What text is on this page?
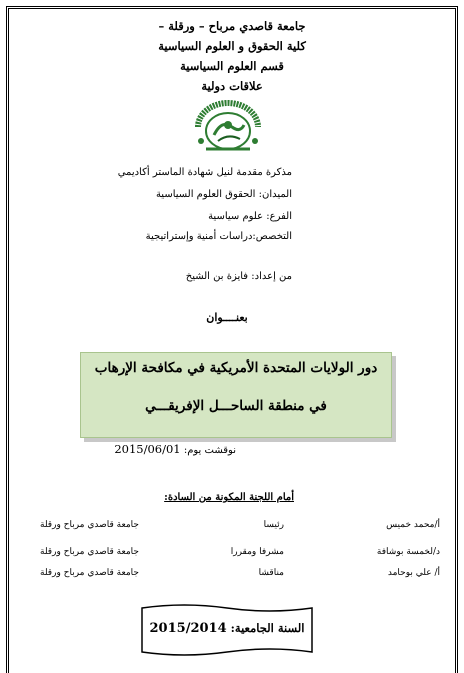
جامعة قاصدي مرباح – ورقلة –
كلية الحقوق و العلوم السياسية
قسم العلوم السياسية
علاقات دولية
مذكرة مقدمة لنيل شهادة الماستر أكاديمي
الميدان: الحقوق العلوم السياسية
الفرع: علوم سياسية
التخصص:دراسات أمنية وإستراتيجية
من إعداد: فايزة بن الشيخ
بعنــــوان
دور الولايات المتحدة الأمريكية في مكافحة الإرهاب
في منطقة الساحـــل الإفريقـــي
نوقشت يوم: 2015/06/01
أمام اللجنة المكونة من السادة:
أ/محمد خميس
رئيسا
جامعة قاصدي مرباح ورقلة
د/لخمسة بوشافة
مشرفا ومقررا
جامعة قاصدي مرباح ورقلة
أ/ علي بوحامد
مناقشا
جامعة قاصدي مرباح ورقلة
السنة الجامعية: 2015/2014
